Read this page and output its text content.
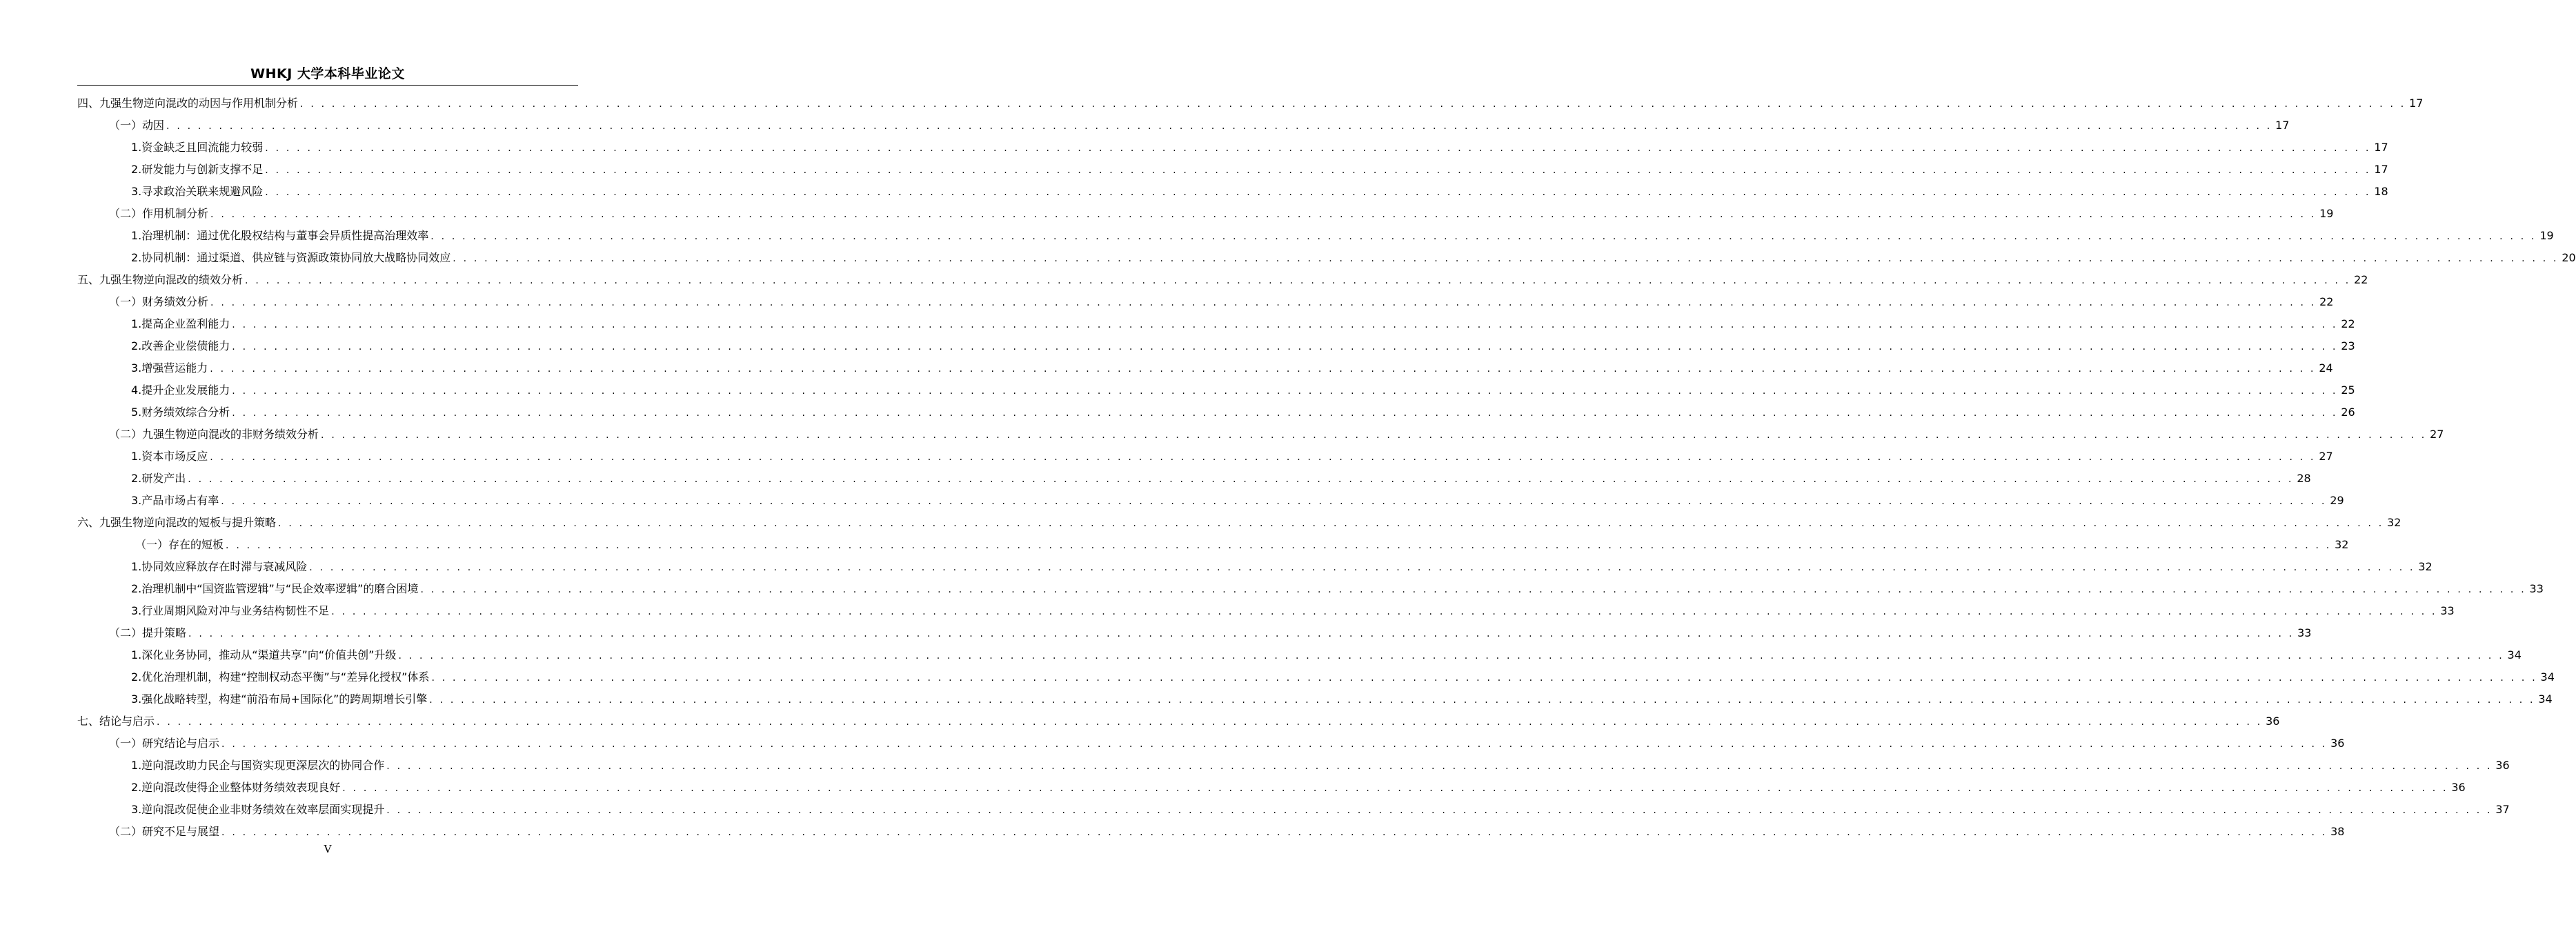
WHKJ 大学本科毕业论文
四、九强生物逆向混改的动因与作用机制分析 . . . . . . . . . . . . . . . . . . . . . . . . . . . . . . . . . . . . . . . . . . . . . . . . . . . . . . . . . . . . . . . . . . . . . . . . . . . . . . . . . . . . . . . . . . . . . . . . . . . . . . . . . . . . . . . . . . . . . . . . . . . . . . . . . . . . . . . . . . . . . . . . . . . . . . . . . . . . . . . . . . . . . . . . . . . . . . . . . . . . . . . . . . . . . . . . . . . . . . . . 17
（一）动因 . . . . . . . . . . . . . . . . . . . . . . . . . . . . . . . . . . . . . . . . . . . . . . . . . . . . . . . . . . . . . . . . . . . . . . . . . . . . . . . . . . . . . . . . . . . . . . . . . . . . . . . . . . . . . . . . . . . . . . . . . . . . . . . . . . . . . . . . . . . . . . . . . . . . . . . . . . . . . . . . . . . . . . . . . . . . . . . . . . . . . . . . . . . . . . . . . . . . . . . . 17
1.资金缺乏且回流能力较弱 . . . . . . . . . . . . . . . . . . . . . . . . . . . . . . . . . . . . . . . . . . . . . . . . . . . . . . . . . . . . . . . . . . . . . . . . . . . . . . . . . . . . . . . . . . . . . . . . . . . . . . . . . . . . . . . . . . . . . . . . . . . . . . . . . . . . . . . . . . . . . . . . . . . . . . . . . . . . . . . . . . . . . . . . . . . . . . . . . . . . . . . . . . . . . . . . . . . . . . . . 17
2.研发能力与创新支撑不足 . . . . . . . . . . . . . . . . . . . . . . . . . . . . . . . . . . . . . . . . . . . . . . . . . . . . . . . . . . . . . . . . . . . . . . . . . . . . . . . . . . . . . . . . . . . . . . . . . . . . . . . . . . . . . . . . . . . . . . . . . . . . . . . . . . . . . . . . . . . . . . . . . . . . . . . . . . . . . . . . . . . . . . . . . . . . . . . . . . . . . . . . . . . . . . . . . . . . . . . . 17
3.寻求政治关联来规避风险 . . . . . . . . . . . . . . . . . . . . . . . . . . . . . . . . . . . . . . . . . . . . . . . . . . . . . . . . . . . . . . . . . . . . . . . . . . . . . . . . . . . . . . . . . . . . . . . . . . . . . . . . . . . . . . . . . . . . . . . . . . . . . . . . . . . . . . . . . . . . . . . . . . . . . . . . . . . . . . . . . . . . . . . . . . . . . . . . . . . . . . . . . . . . . . . . . . . . . . . . 18
（二）作用机制分析 . . . . . . . . . . . . . . . . . . . . . . . . . . . . . . . . . . . . . . . . . . . . . . . . . . . . . . . . . . . . . . . . . . . . . . . . . . . . . . . . . . . . . . . . . . . . . . . . . . . . . . . . . . . . . . . . . . . . . . . . . . . . . . . . . . . . . . . . . . . . . . . . . . . . . . . . . . . . . . . . . . . . . . . . . . . . . . . . . . . . . . . . . . . . . . . . . . . . . . . . 19
1.治理机制：通过优化股权结构与董事会异质性提高治理效率 . . . . . . . . . . . . . . . . . . . . . . . . . . . . . . . . . . . . . . . . . . . . . . . . . . . . . . . . . . . . . . . . . . . . . . . . . . . . . . . . . . . . . . . . . . . . . . . . . . . . . . . . . . . . . . . . . . . . . . . . . . . . . . . . . . . . . . . . . . . . . . . . . . . . . . . . . . . . . . . . . . . . . . . . . . . . . . . . . . . . . . . . . . . . . . . . . . . . . . . . 19
2.协同机制：通过渠道、供应链与资源政策协同放大战略协同效应 . . . . . . . . . . . . . . . . . . . . . . . . . . . . . . . . . . . . . . . . . . . . . . . . . . . . . . . . . . . . . . . . . . . . . . . . . . . . . . . . . . . . . . . . . . . . . . . . . . . . . . . . . . . . . . . . . . . . . . . . . . . . . . . . . . . . . . . . . . . . . . . . . . . . . . . . . . . . . . . . . . . . . . . . . . . . . . . . . . . . . . . . . . . . . . . . . . . . . . . . 20
五、九强生物逆向混改的绩效分析 . . . . . . . . . . . . . . . . . . . . . . . . . . . . . . . . . . . . . . . . . . . . . . . . . . . . . . . . . . . . . . . . . . . . . . . . . . . . . . . . . . . . . . . . . . . . . . . . . . . . . . . . . . . . . . . . . . . . . . . . . . . . . . . . . . . . . . . . . . . . . . . . . . . . . . . . . . . . . . . . . . . . . . . . . . . . . . . . . . . . . . . . . . . . . . . . . . . . . . . . 22
（一）财务绩效分析 . . . . . . . . . . . . . . . . . . . . . . . . . . . . . . . . . . . . . . . . . . . . . . . . . . . . . . . . . . . . . . . . . . . . . . . . . . . . . . . . . . . . . . . . . . . . . . . . . . . . . . . . . . . . . . . . . . . . . . . . . . . . . . . . . . . . . . . . . . . . . . . . . . . . . . . . . . . . . . . . . . . . . . . . . . . . . . . . . . . . . . . . . . . . . . . . . . . . . . . . 22
1.提高企业盈利能力 . . . . . . . . . . . . . . . . . . . . . . . . . . . . . . . . . . . . . . . . . . . . . . . . . . . . . . . . . . . . . . . . . . . . . . . . . . . . . . . . . . . . . . . . . . . . . . . . . . . . . . . . . . . . . . . . . . . . . . . . . . . . . . . . . . . . . . . . . . . . . . . . . . . . . . . . . . . . . . . . . . . . . . . . . . . . . . . . . . . . . . . . . . . . . . . . . . . . . . . . 22
2.改善企业偿债能力 . . . . . . . . . . . . . . . . . . . . . . . . . . . . . . . . . . . . . . . . . . . . . . . . . . . . . . . . . . . . . . . . . . . . . . . . . . . . . . . . . . . . . . . . . . . . . . . . . . . . . . . . . . . . . . . . . . . . . . . . . . . . . . . . . . . . . . . . . . . . . . . . . . . . . . . . . . . . . . . . . . . . . . . . . . . . . . . . . . . . . . . . . . . . . . . . . . . . . . . . 23
3.增强营运能力 . . . . . . . . . . . . . . . . . . . . . . . . . . . . . . . . . . . . . . . . . . . . . . . . . . . . . . . . . . . . . . . . . . . . . . . . . . . . . . . . . . . . . . . . . . . . . . . . . . . . . . . . . . . . . . . . . . . . . . . . . . . . . . . . . . . . . . . . . . . . . . . . . . . . . . . . . . . . . . . . . . . . . . . . . . . . . . . . . . . . . . . . . . . . . . . . . . . . . . . . 24
4.提升企业发展能力 . . . . . . . . . . . . . . . . . . . . . . . . . . . . . . . . . . . . . . . . . . . . . . . . . . . . . . . . . . . . . . . . . . . . . . . . . . . . . . . . . . . . . . . . . . . . . . . . . . . . . . . . . . . . . . . . . . . . . . . . . . . . . . . . . . . . . . . . . . . . . . . . . . . . . . . . . . . . . . . . . . . . . . . . . . . . . . . . . . . . . . . . . . . . . . . . . . . . . . . . 25
5.财务绩效综合分析 . . . . . . . . . . . . . . . . . . . . . . . . . . . . . . . . . . . . . . . . . . . . . . . . . . . . . . . . . . . . . . . . . . . . . . . . . . . . . . . . . . . . . . . . . . . . . . . . . . . . . . . . . . . . . . . . . . . . . . . . . . . . . . . . . . . . . . . . . . . . . . . . . . . . . . . . . . . . . . . . . . . . . . . . . . . . . . . . . . . . . . . . . . . . . . . . . . . . . . . . 26
（二）九强生物逆向混改的非财务绩效分析 . . . . . . . . . . . . . . . . . . . . . . . . . . . . . . . . . . . . . . . . . . . . . . . . . . . . . . . . . . . . . . . . . . . . . . . . . . . . . . . . . . . . . . . . . . . . . . . . . . . . . . . . . . . . . . . . . . . . . . . . . . . . . . . . . . . . . . . . . . . . . . . . . . . . . . . . . . . . . . . . . . . . . . . . . . . . . . . . . . . . . . . . . . . . . . . . . . . . . . . . 27
1.资本市场反应 . . . . . . . . . . . . . . . . . . . . . . . . . . . . . . . . . . . . . . . . . . . . . . . . . . . . . . . . . . . . . . . . . . . . . . . . . . . . . . . . . . . . . . . . . . . . . . . . . . . . . . . . . . . . . . . . . . . . . . . . . . . . . . . . . . . . . . . . . . . . . . . . . . . . . . . . . . . . . . . . . . . . . . . . . . . . . . . . . . . . . . . . . . . . . . . . . . . . . . . . 27
2.研发产出 . . . . . . . . . . . . . . . . . . . . . . . . . . . . . . . . . . . . . . . . . . . . . . . . . . . . . . . . . . . . . . . . . . . . . . . . . . . . . . . . . . . . . . . . . . . . . . . . . . . . . . . . . . . . . . . . . . . . . . . . . . . . . . . . . . . . . . . . . . . . . . . . . . . . . . . . . . . . . . . . . . . . . . . . . . . . . . . . . . . . . . . . . . . . . . . . . . . . . . . . 28
3.产品市场占有率 . . . . . . . . . . . . . . . . . . . . . . . . . . . . . . . . . . . . . . . . . . . . . . . . . . . . . . . . . . . . . . . . . . . . . . . . . . . . . . . . . . . . . . . . . . . . . . . . . . . . . . . . . . . . . . . . . . . . . . . . . . . . . . . . . . . . . . . . . . . . . . . . . . . . . . . . . . . . . . . . . . . . . . . . . . . . . . . . . . . . . . . . . . . . . . . . . . . . . . . . 29
六、九强生物逆向混改的短板与提升策略 . . . . . . . . . . . . . . . . . . . . . . . . . . . . . . . . . . . . . . . . . . . . . . . . . . . . . . . . . . . . . . . . . . . . . . . . . . . . . . . . . . . . . . . . . . . . . . . . . . . . . . . . . . . . . . . . . . . . . . . . . . . . . . . . . . . . . . . . . . . . . . . . . . . . . . . . . . . . . . . . . . . . . . . . . . . . . . . . . . . . . . . . . . . . . . . . . . . . . . . . 32
（一）存在的短板 . . . . . . . . . . . . . . . . . . . . . . . . . . . . . . . . . . . . . . . . . . . . . . . . . . . . . . . . . . . . . . . . . . . . . . . . . . . . . . . . . . . . . . . . . . . . . . . . . . . . . . . . . . . . . . . . . . . . . . . . . . . . . . . . . . . . . . . . . . . . . . . . . . . . . . . . . . . . . . . . . . . . . . . . . . . . . . . . . . . . . . . . . . . . . . . . . . . . . . . . 32
1.协同效应释放存在时滞与衰减风险 . . . . . . . . . . . . . . . . . . . . . . . . . . . . . . . . . . . . . . . . . . . . . . . . . . . . . . . . . . . . . . . . . . . . . . . . . . . . . . . . . . . . . . . . . . . . . . . . . . . . . . . . . . . . . . . . . . . . . . . . . . . . . . . . . . . . . . . . . . . . . . . . . . . . . . . . . . . . . . . . . . . . . . . . . . . . . . . . . . . . . . . . . . . . . . . . . . . . . . . . 32
2.治理机制中“国资监管逻辑”与“民企效率逻辑”的磨合困境 . . . . . . . . . . . . . . . . . . . . . . . . . . . . . . . . . . . . . . . . . . . . . . . . . . . . . . . . . . . . . . . . . . . . . . . . . . . . . . . . . . . . . . . . . . . . . . . . . . . . . . . . . . . . . . . . . . . . . . . . . . . . . . . . . . . . . . . . . . . . . . . . . . . . . . . . . . . . . . . . . . . . . . . . . . . . . . . . . . . . . . . . . . . . . . . . . . . . . . . . 33
3.行业周期风险对冲与业务结构韧性不足 . . . . . . . . . . . . . . . . . . . . . . . . . . . . . . . . . . . . . . . . . . . . . . . . . . . . . . . . . . . . . . . . . . . . . . . . . . . . . . . . . . . . . . . . . . . . . . . . . . . . . . . . . . . . . . . . . . . . . . . . . . . . . . . . . . . . . . . . . . . . . . . . . . . . . . . . . . . . . . . . . . . . . . . . . . . . . . . . . . . . . . . . . . . . . . . . . . . . . . . . 33
（二）提升策略 . . . . . . . . . . . . . . . . . . . . . . . . . . . . . . . . . . . . . . . . . . . . . . . . . . . . . . . . . . . . . . . . . . . . . . . . . . . . . . . . . . . . . . . . . . . . . . . . . . . . . . . . . . . . . . . . . . . . . . . . . . . . . . . . . . . . . . . . . . . . . . . . . . . . . . . . . . . . . . . . . . . . . . . . . . . . . . . . . . . . . . . . . . . . . . . . . . . . . . . . 33
1.深化业务协同，推动从“渠道共享”向“价值共创”升级 . . . . . . . . . . . . . . . . . . . . . . . . . . . . . . . . . . . . . . . . . . . . . . . . . . . . . . . . . . . . . . . . . . . . . . . . . . . . . . . . . . . . . . . . . . . . . . . . . . . . . . . . . . . . . . . . . . . . . . . . . . . . . . . . . . . . . . . . . . . . . . . . . . . . . . . . . . . . . . . . . . . . . . . . . . . . . . . . . . . . . . . . . . . . . . . . . . . . . . . . 34
2.优化治理机制，构建“控制权动态平衡”与“差异化授权”体系 . . . . . . . . . . . . . . . . . . . . . . . . . . . . . . . . . . . . . . . . . . . . . . . . . . . . . . . . . . . . . . . . . . . . . . . . . . . . . . . . . . . . . . . . . . . . . . . . . . . . . . . . . . . . . . . . . . . . . . . . . . . . . . . . . . . . . . . . . . . . . . . . . . . . . . . . . . . . . . . . . . . . . . . . . . . . . . . . . . . . . . . . . . . . . . . . . . . . . . . . 34
3.强化战略转型，构建“前沿布局+国际化”的跨周期增长引擎 . . . . . . . . . . . . . . . . . . . . . . . . . . . . . . . . . . . . . . . . . . . . . . . . . . . . . . . . . . . . . . . . . . . . . . . . . . . . . . . . . . . . . . . . . . . . . . . . . . . . . . . . . . . . . . . . . . . . . . . . . . . . . . . . . . . . . . . . . . . . . . . . . . . . . . . . . . . . . . . . . . . . . . . . . . . . . . . . . . . . . . . . . . . . . . . . . . . . . . . . 34
七、结论与启示 . . . . . . . . . . . . . . . . . . . . . . . . . . . . . . . . . . . . . . . . . . . . . . . . . . . . . . . . . . . . . . . . . . . . . . . . . . . . . . . . . . . . . . . . . . . . . . . . . . . . . . . . . . . . . . . . . . . . . . . . . . . . . . . . . . . . . . . . . . . . . . . . . . . . . . . . . . . . . . . . . . . . . . . . . . . . . . . . . . . . . . . . . . . . . . . . . . . . . . . . 36
（一）研究结论与启示 . . . . . . . . . . . . . . . . . . . . . . . . . . . . . . . . . . . . . . . . . . . . . . . . . . . . . . . . . . . . . . . . . . . . . . . . . . . . . . . . . . . . . . . . . . . . . . . . . . . . . . . . . . . . . . . . . . . . . . . . . . . . . . . . . . . . . . . . . . . . . . . . . . . . . . . . . . . . . . . . . . . . . . . . . . . . . . . . . . . . . . . . . . . . . . . . . . . . . . . . 36
1.逆向混改助力民企与国资实现更深层次的协同合作 . . . . . . . . . . . . . . . . . . . . . . . . . . . . . . . . . . . . . . . . . . . . . . . . . . . . . . . . . . . . . . . . . . . . . . . . . . . . . . . . . . . . . . . . . . . . . . . . . . . . . . . . . . . . . . . . . . . . . . . . . . . . . . . . . . . . . . . . . . . . . . . . . . . . . . . . . . . . . . . . . . . . . . . . . . . . . . . . . . . . . . . . . . . . . . . . . . . . . . . . 36
2.逆向混改使得企业整体财务绩效表现良好 . . . . . . . . . . . . . . . . . . . . . . . . . . . . . . . . . . . . . . . . . . . . . . . . . . . . . . . . . . . . . . . . . . . . . . . . . . . . . . . . . . . . . . . . . . . . . . . . . . . . . . . . . . . . . . . . . . . . . . . . . . . . . . . . . . . . . . . . . . . . . . . . . . . . . . . . . . . . . . . . . . . . . . . . . . . . . . . . . . . . . . . . . . . . . . . . . . . . . . . . 36
3.逆向混改促使企业非财务绩效在效率层面实现提升 . . . . . . . . . . . . . . . . . . . . . . . . . . . . . . . . . . . . . . . . . . . . . . . . . . . . . . . . . . . . . . . . . . . . . . . . . . . . . . . . . . . . . . . . . . . . . . . . . . . . . . . . . . . . . . . . . . . . . . . . . . . . . . . . . . . . . . . . . . . . . . . . . . . . . . . . . . . . . . . . . . . . . . . . . . . . . . . . . . . . . . . . . . . . . . . . . . . . . . . . 37
（二）研究不足与展望 . . . . . . . . . . . . . . . . . . . . . . . . . . . . . . . . . . . . . . . . . . . . . . . . . . . . . . . . . . . . . . . . . . . . . . . . . . . . . . . . . . . . . . . . . . . . . . . . . . . . . . . . . . . . . . . . . . . . . . . . . . . . . . . . . . . . . . . . . . . . . . . . . . . . . . . . . . . . . . . . . . . . . . . . . . . . . . . . . . . . . . . . . . . . . . . . . . . . . . . . 38
V
